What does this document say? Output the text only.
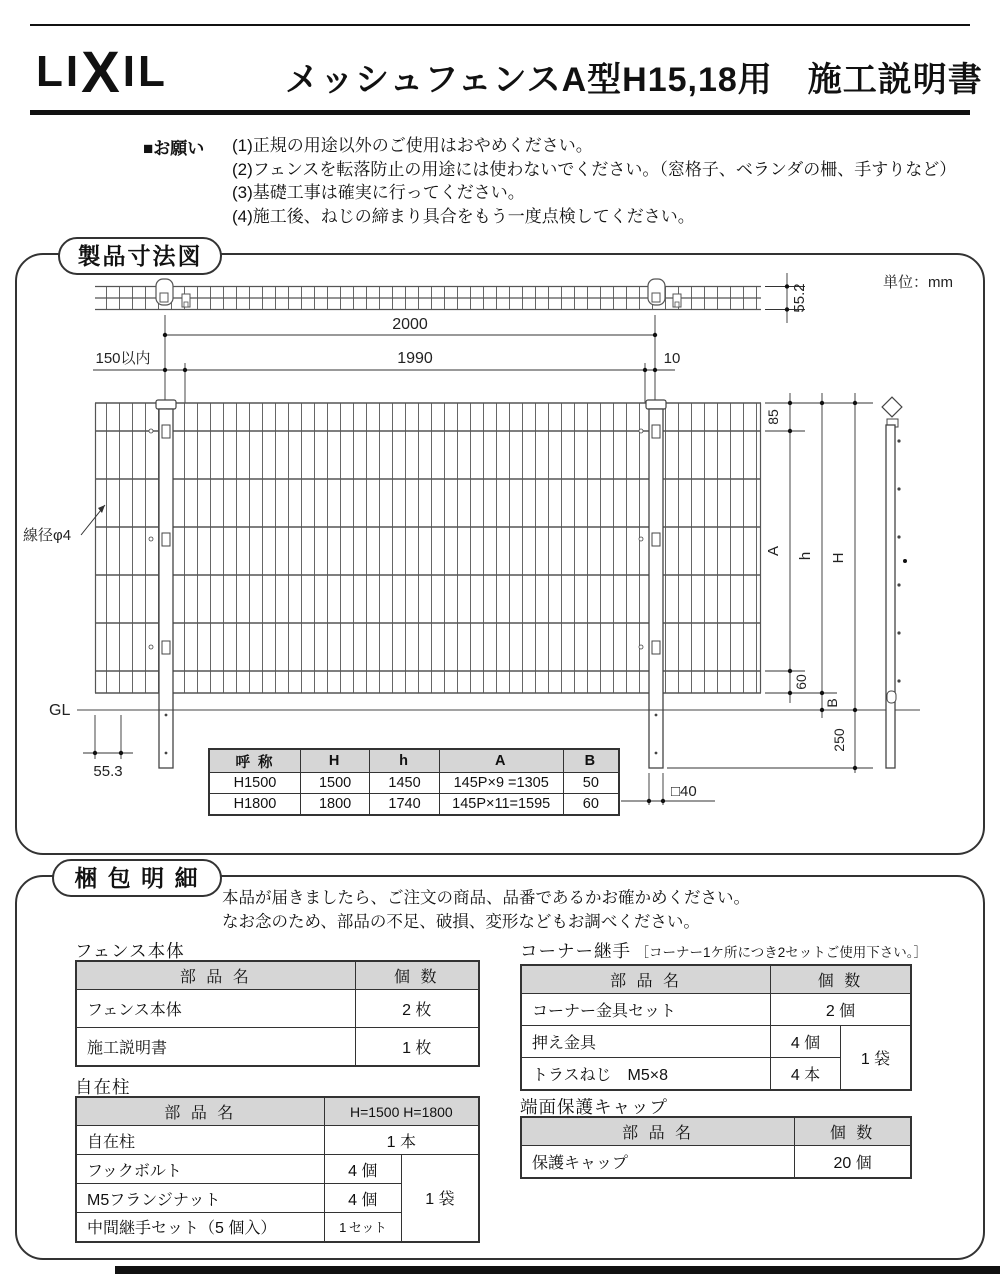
LIXIL	メッシュフェンスA型H15,18用　施工説明書
■お願い (1)正規の用途以外のご使用はおやめください。
(2)フェンスを転落防止の用途には使わないでください。（窓格子、ベランダの柵、手すりなど）
(3)基礎工事は確実に行ってください。
(4)施工後、ねじの締まり具合をもう一度点検してください。
単位：mm
55.2
2000
150以内	1990	10
GL
線径φ4
55.3
85
A
60
h
B
H
250
□40
製品寸法図
呼 称	H	h	A	B
H1500	1500	1450	145P×9 =1305	50
H1800	1800	1740	145P×11=1595	60
梱 包 明 細
本品が届きましたら、ご注文の商品、品番であるかお確かめください。
なお念のため、部品の不足、破損、変形などもお調べください。
フェンス本体
部 品 名	個 数
フェンス本体	2 枚
施工説明書	1 枚
自在柱
部 品 名	H=1500 H=1800	
自在柱	1 本	
フックボルト	4 個	1 袋
M5フランジナット	4 個	
中間継手セット（5 個入）	1 セット	
コーナー継手 ［コーナー1ケ所につき2セットご使用下さい。］
部 品 名	個 数	
コーナー金具セット	2 個	
押え金具	4 個	1 袋
トラスねじ　M5×8	4 本	
端面保護キャップ
部 品 名	個 数
保護キャップ	20 個
